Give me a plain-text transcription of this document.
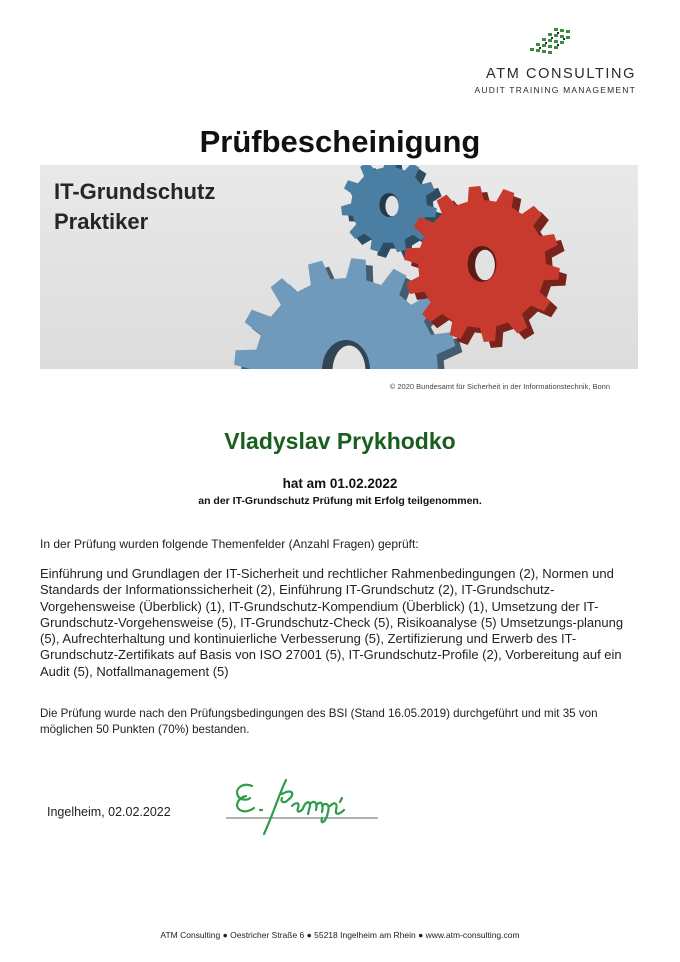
ATM CONSULTING
AUDIT TRAINING MANAGEMENT
Prüfbescheinigung
IT-Grundschutz
Praktiker
© 2020 Bundesamt für Sicherheit in der Informationstechnik, Bonn
Vladyslav Prykhodko
hat am 01.02.2022
an der IT-Grundschutz Prüfung mit Erfolg teilgenommen.
In der Prüfung wurden folgende Themenfelder (Anzahl Fragen) geprüft:
Einführung und Grundlagen der IT-Sicherheit und rechtlicher Rahmenbedingungen (2), Normen und Standards der Informationssicherheit (2), Einführung IT-Grundschutz (2), IT-Grundschutz-Vorgehensweise (Überblick) (1), IT-Grundschutz-Kompendium (Überblick) (1), Umsetzung der IT-Grundschutz-Vorgehensweise (5), IT-Grundschutz-Check (5), Risikoanalyse (5) Umsetzungs-planung (5), Aufrechterhaltung und kontinuierliche Verbesserung (5), Zertifizierung und Erwerb des IT-Grundschutz-Zertifikats auf Basis von ISO 27001 (5), IT-Grundschutz-Profile (2), Vorbereitung auf ein Audit (5), Notfallmanagement (5)
Die Prüfung wurde nach den Prüfungsbedingungen des BSI (Stand 16.05.2019) durchgeführt und mit 35 von möglichen 50 Punkten (70%) bestanden.
Ingelheim, 02.02.2022
ATM Consulting ● Oestricher Straße 6 ● 55218 Ingelheim am Rhein ● www.atm-consulting.com
